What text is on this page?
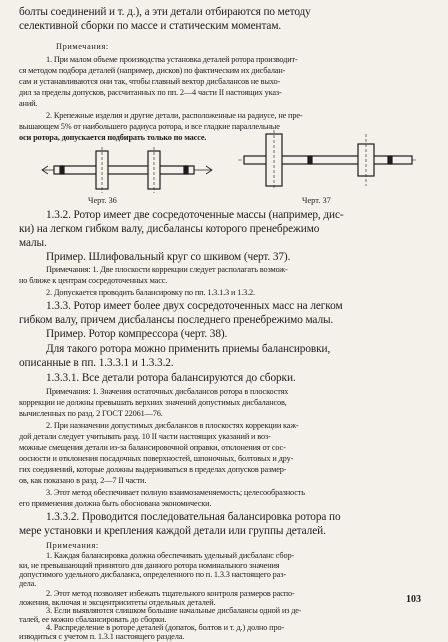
болты соединений и т. д.), а эти детали отбираются по методу
селективной сборки по массе и статическим моментам.
Примечания:
1. При малом объеме производства установка деталей ротора производит-
ся методом подбора деталей (например, дисков) по фактическим их дисбалан-
сам и устанавливаются они так, чтобы главный вектор дисбалансов не выхо-
дил за пределы допусков, рассчитанных по пп. 2—4 части II настоящих указ-
аний.
2. Крепежные изделия и другие детали, расположенные на радиусе, не пре-
вышающем 5% от наибольшего радиуса ротора, и все гладкие параллельные
оси ротора, допускается подбирать только по массе.
Черт. 36	Черт. 37
1.3.2. Ротор имеет две сосредоточенные массы (например, дис-
ки) на легком гибком валу, дисбалансы которого пренебрежимо
малы.
Пример. Шлифовальный круг со шкивом (черт. 37).
Примечания: 1. Две плоскости коррекции следует располагать возмож-
но ближе к центрам сосредоточенных масс.
2. Допускается проводить балансировку по пп. 1.3.1.3 и 1.3.2.
1.3.3. Ротор имеет более двух сосредоточенных масс на легком
гибком валу, причем дисбалансы последнего пренебрежимо малы.
Пример. Ротор компрессора (черт. 38).
Для такого ротора можно применить приемы балансировки,
описанные в пп. 1.3.3.1 и 1.3.3.2.
1.3.3.1. Все детали ротора балансируются до сборки.
Примечания: 1. Значения остаточных дисбалансов ротора в плоскостях
коррекции не должны превышать верхних значений допустимых дисбалансов,
вычисленных по разд. 2 ГОСТ 22061—76.
2. При назначении допустимых дисбалансов в плоскостях коррекции каж-
дой детали следует учитывать разд. 10 II части настоящих указаний и воз-
можные смещения детали из-за балансировочной оправки, отклонения от сос-
оосности и отклонения посадочных поверхностей, шпоночных, болтовых и дру-
гих соединений, которые должны выдерживаться в пределах допусков размер-
ов, как показано в разд. 2—7 II части.
3. Этот метод обеспечивает полную взаимозаменяемость; целесообразность
его применения должна быть обоснована экономически.
1.3.3.2. Проводится последовательная балансировка ротора по
мере установки и крепления каждой детали или группы деталей.
Примечания:
1. Каждая балансировка должна обеспечивать удельный дисбаланс сбор-
ки, не превышающий принятого для данного ротора номинального значения
допустимого удельного дисбаланса, определенного по п. 1.3.3 настоящего раз-
дела.
2. Этот метод позволяет избежать тщательного контроля размеров распо-
ложения, включая и эксцентриситеты отдельных деталей.
3. Если выявляются слишком большие начальные дисбалансы одной из де-
талей, ее можно сбалансировать до сборки.
4. Распределение в роторе деталей (допаток, болтов и т. д.) долно про-
изводиться с учетом п. 1.3.1 настоящего раздела.
103
